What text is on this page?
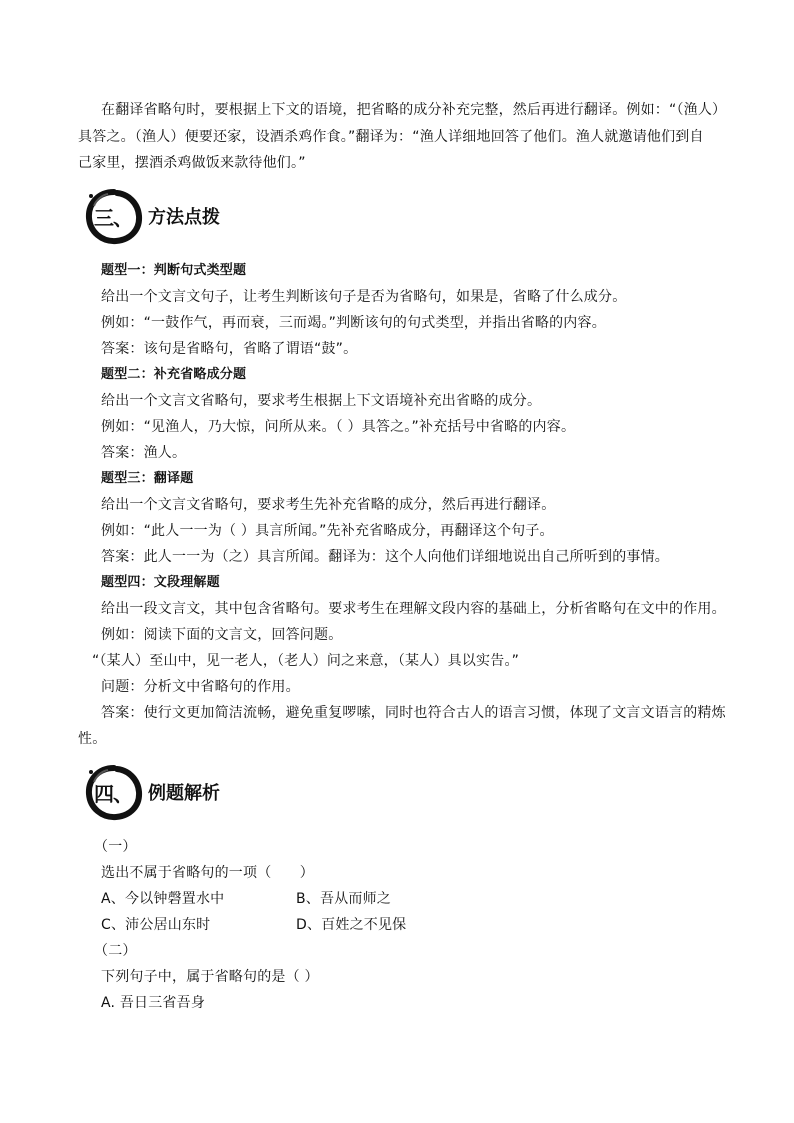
在翻译省略句时，要根据上下文的语境，把省略的成分补充完整，然后再进行翻译。例如：“（渔人）
具答之。（渔人）便要还家，设酒杀鸡作食。”翻译为：“渔人详细地回答了他们。渔人就邀请他们到自
己家里，摆酒杀鸡做饭来款待他们。”
三、 方法点拨
题型一：判断句式类型题
给出一个文言文句子，让考生判断该句子是否为省略句，如果是，省略了什么成分。
例如：“一鼓作气，再而衰，三而竭。”判断该句的句式类型，并指出省略的内容。
答案：该句是省略句，省略了谓语“鼓”。
题型二：补充省略成分题
给出一个文言文省略句，要求考生根据上下文语境补充出省略的成分。
例如：“见渔人，乃大惊，问所从来。（ ）具答之。”补充括号中省略的内容。
答案：渔人。
题型三：翻译题
给出一个文言文省略句，要求考生先补充省略的成分，然后再进行翻译。
例如：“此人一一为（ ）具言所闻。”先补充省略成分，再翻译这个句子。
答案：此人一一为（之）具言所闻。翻译为：这个人向他们详细地说出自己所听到的事情。
题型四：文段理解题
给出一段文言文，其中包含省略句。要求考生在理解文段内容的基础上，分析省略句在文中的作用。
例如：阅读下面的文言文，回答问题。
“（某人）至山中，见一老人，（老人）问之来意，（某人）具以实告。”
问题：分析文中省略句的作用。
答案：使行文更加简洁流畅，避免重复啰嗦，同时也符合古人的语言习惯，体现了文言文语言的精炼
性。
四、 例题解析
（一）
选出不属于省略句的一项（　　）
A、今以钟磬置水中	B、吾从而师之
C、沛公居山东时	D、百姓之不见保
（二）
下列句子中，属于省略句的是（ ）
A. 吾日三省吾身
